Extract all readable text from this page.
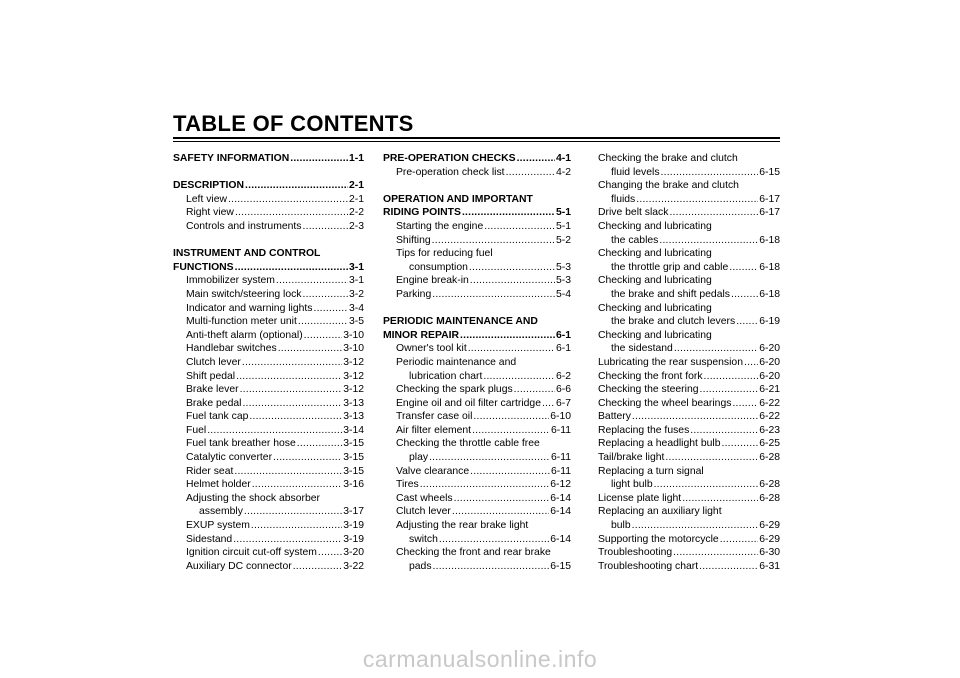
TABLE OF CONTENTS
SAFETY INFORMATION .....	1-1
DESCRIPTION .....	2-1
Left view .....	2-1
Right view .....	2-2
Controls and instruments .....	2-3
INSTRUMENT AND CONTROL
FUNCTIONS .....	3-1
Immobilizer system .....	3-1
Main switch/steering lock .....	3-2
Indicator and warning lights .....	3-4
Multi-function meter unit .....	3-5
Anti-theft alarm (optional) .....	3-10
Handlebar switches .....	3-10
Clutch lever .....	3-12
Shift pedal .....	3-12
Brake lever .....	3-12
Brake pedal .....	3-13
Fuel tank cap .....	3-13
Fuel .....	3-14
Fuel tank breather hose .....	3-15
Catalytic converter .....	3-15
Rider seat .....	3-15
Helmet holder .....	3-16
Adjusting the shock absorber
assembly .....	3-17
EXUP system .....	3-19
Sidestand .....	3-19
Ignition circuit cut-off system .....	3-20
Auxiliary DC connector .....	3-22
PRE-OPERATION CHECKS .....	4-1
Pre-operation check list .....	4-2
OPERATION AND IMPORTANT
RIDING POINTS .....	5-1
Starting the engine .....	5-1
Shifting .....	5-2
Tips for reducing fuel
consumption .....	5-3
Engine break-in .....	5-3
Parking .....	5-4
PERIODIC MAINTENANCE AND
MINOR REPAIR .....	6-1
Owner's tool kit .....	6-1
Periodic maintenance and
lubrication chart .....	6-2
Checking the spark plugs .....	6-6
Engine oil and oil filter cartridge ..... 6-7
Transfer case oil .....	6-10
Air filter element .....	6-11
Checking the throttle cable free
play .....	6-11
Valve clearance .....	6-11
Tires .....	6-12
Cast wheels .....	6-14
Clutch lever .....	6-14
Adjusting the rear brake light
switch .....	6-14
Checking the front and rear brake
pads .....	6-15
Checking the brake and clutch
fluid levels .....	6-15
Changing the brake and clutch
fluids .....	6-17
Drive belt slack .....	6-17
Checking and lubricating
the cables .....	6-18
Checking and lubricating
the throttle grip and cable .....	6-18
Checking and lubricating
the brake and shift pedals .....	6-18
Checking and lubricating
the brake and clutch levers ..... 6-19
Checking and lubricating
the sidestand .....	6-20
Lubricating the rear suspension ..... 6-20
Checking the front fork .....	6-20
Checking the steering .....	6-21
Checking the wheel bearings .....	6-22
Battery .....	6-22
Replacing the fuses .....	6-23
Replacing a headlight bulb .....	6-25
Tail/brake light .....	6-28
Replacing a turn signal
light bulb .....	6-28
License plate light .....	6-28
Replacing an auxiliary light
bulb .....	6-29
Supporting the motorcycle .....	6-29
Troubleshooting .....	6-30
Troubleshooting chart .....	6-31
carmanualsonline.info
